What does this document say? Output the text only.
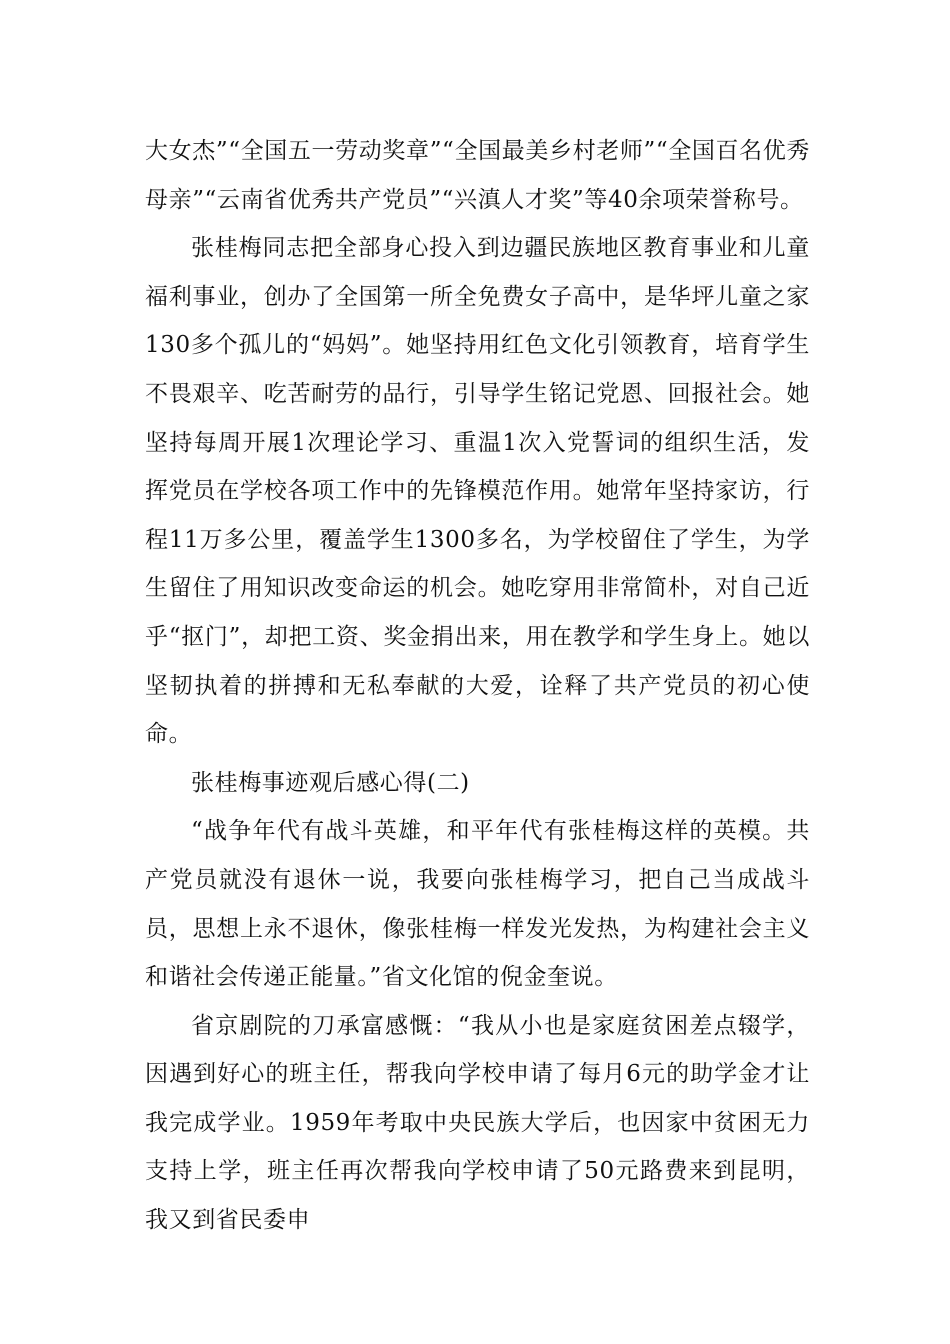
大女杰”“全国五一劳动奖章”“全国最美乡村老师”“全国百名优秀母亲”“云南省优秀共产党员”“兴滇人才奖”等40余项荣誉称号。

张桂梅同志把全部身心投入到边疆民族地区教育事业和儿童福利事业，创办了全国第一所全免费女子高中，是华坪儿童之家130多个孤儿的“妈妈”。她坚持用红色文化引领教育，培育学生不畏艰辛、吃苦耐劳的品行，引导学生铭记党恩、回报社会。她坚持每周开展1次理论学习、重温1次入党誓词的组织生活，发挥党员在学校各项工作中的先锋模范作用。她常年坚持家访，行程11万多公里，覆盖学生1300多名，为学校留住了学生，为学生留住了用知识改变命运的机会。她吃穿用非常简朴，对自己近乎“抠门”，却把工资、奖金捐出来，用在教学和学生身上。她以坚韧执着的拼搏和无私奉献的大爱，诠释了共产党员的初心使命。

张桂梅事迹观后感心得(二)

“战争年代有战斗英雄，和平年代有张桂梅这样的英模。共产党员就没有退休一说，我要向张桂梅学习，把自己当成战斗员，思想上永不退休，像张桂梅一样发光发热，为构建社会主义和谐社会传递正能量。”省文化馆的倪金奎说。

省京剧院的刀承富感慨：“我从小也是家庭贫困差点辍学，因遇到好心的班主任，帮我向学校申请了每月6元的助学金才让我完成学业。1959年考取中央民族大学后，也因家中贫困无力支持上学，班主任再次帮我向学校申请了50元路费来到昆明，我又到省民委申
